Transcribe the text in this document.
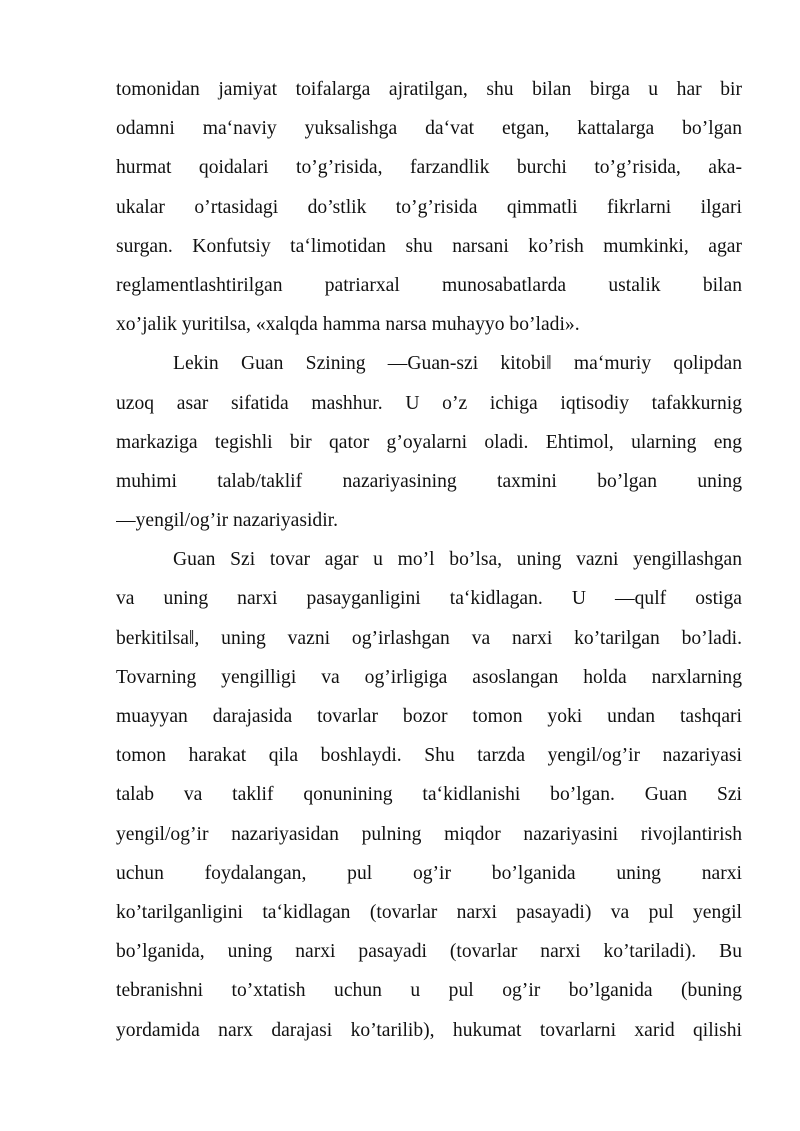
tomonidan jamiyat toifalarga ajratilgan, shu bilan birga u har bir
odamni ma‘naviy yuksalishga da‘vat etgan, kattalarga bo’lgan
hurmat qoidalari to’g’risida, farzandlik burchi to’g’risida, aka-
ukalar o’rtasidagi do’stlik to’g’risida qimmatli fikrlarni ilgari
surgan. Konfutsiy ta‘limotidan shu narsani ko’rish mumkinki, agar
reglamentlashtirilgan patriarxal munosabatlarda ustalik bilan
xo’jalik yuritilsa, «xalqda hamma narsa muhayyo bo’ladi».
Lekin Guan Szining ―Guan-szi kitobi‖ ma‘muriy qolipdan
uzoq asar sifatida mashhur. U o’z ichiga iqtisodiy tafakkurnig
markaziga tegishli bir qator g’oyalarni oladi. Ehtimol, ularning eng
muhimi talab/taklif nazariyasining taxmini bo’lgan uning
―yengil/og’ir nazariyasidir.
Guan Szi tovar agar u mo’l bo’lsa, uning vazni yengillashgan
va uning narxi pasayganligini ta‘kidlagan. U ―qulf ostiga
berkitilsa‖, uning vazni og’irlashgan va narxi ko’tarilgan bo’ladi.
Tovarning yengilligi va og’irligiga asoslangan holda narxlarning
muayyan darajasida tovarlar bozor tomon yoki undan tashqari
tomon harakat qila boshlaydi. Shu tarzda yengil/og’ir nazariyasi
talab va taklif qonunining ta‘kidlanishi bo’lgan. Guan Szi
yengil/og’ir nazariyasidan pulning miqdor nazariyasini rivojlantirish
uchun foydalangan, pul og’ir bo’lganida uning narxi
ko’tarilganligini ta‘kidlagan (tovarlar narxi pasayadi) va pul yengil
bo’lganida, uning narxi pasayadi (tovarlar narxi ko’tariladi). Bu
tebranishni to’xtatish uchun u pul og’ir bo’lganida (buning
yordamida narx darajasi ko’tarilib), hukumat tovarlarni xarid qilishi
